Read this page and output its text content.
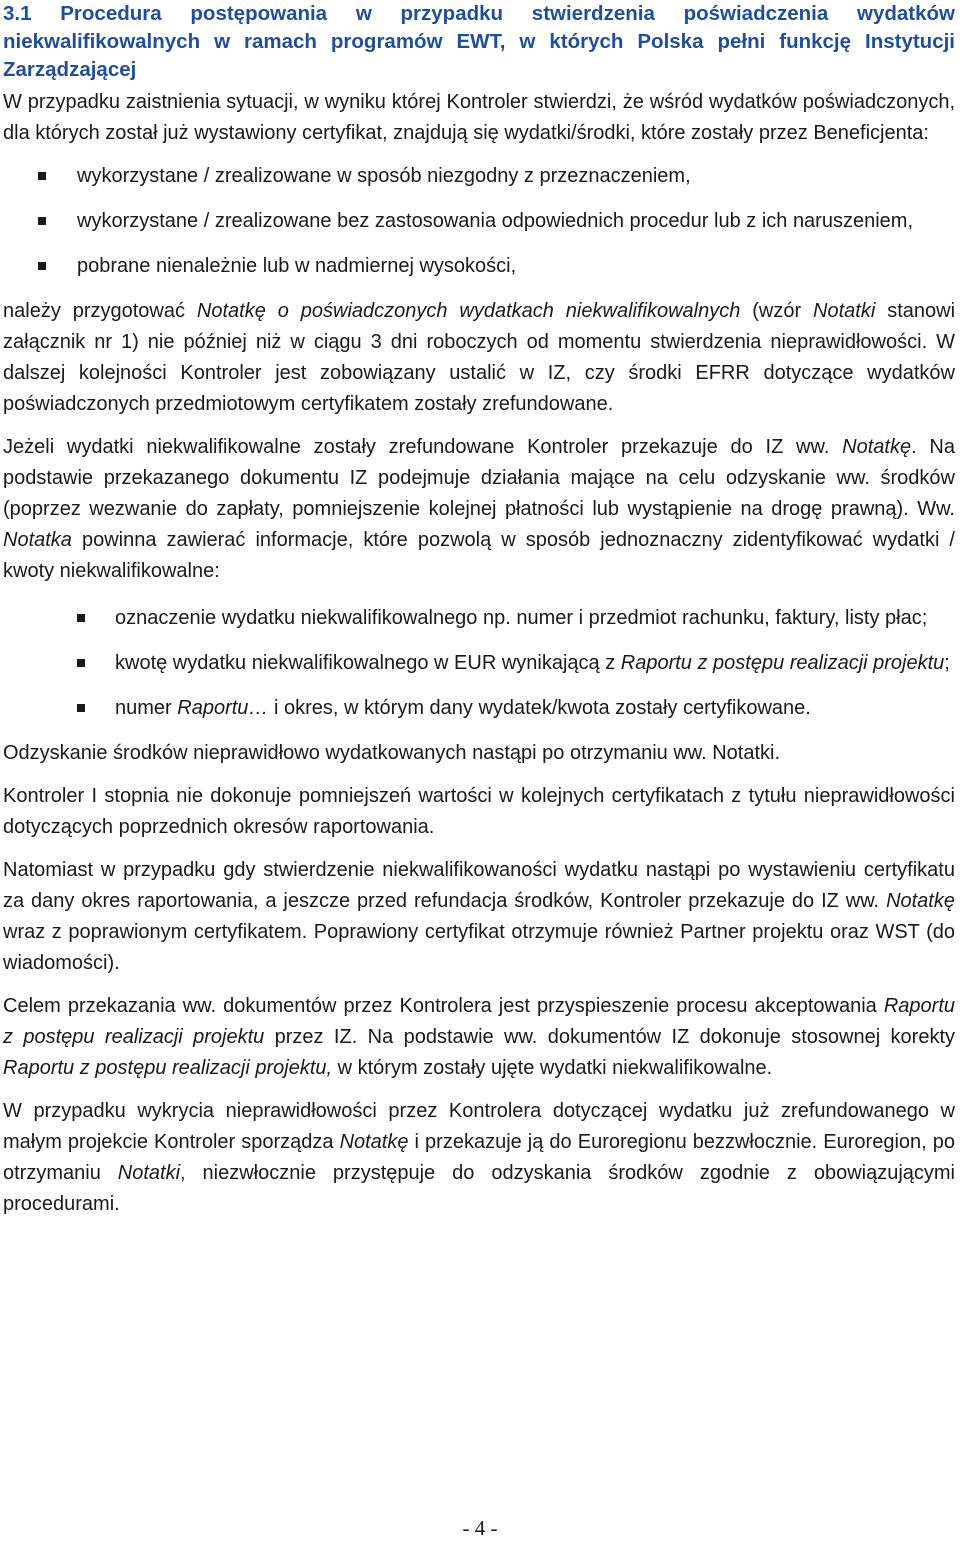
3.1 Procedura postępowania w przypadku stwierdzenia poświadczenia wydatków niekwalifikowalnych w ramach programów EWT, w których Polska pełni funkcję Instytucji Zarządzającej

W przypadku zaistnienia sytuacji, w wyniku której Kontroler stwierdzi, że wśród wydatków poświadczonych, dla których został już wystawiony certyfikat, znajdują się wydatki/środki, które zostały przez Beneficjenta:

wykorzystane / zrealizowane w sposób niezgodny z przeznaczeniem,
wykorzystane / zrealizowane bez zastosowania odpowiednich procedur lub z ich naruszeniem,
pobrane nienależnie lub w nadmiernej wysokości,

należy przygotować Notatkę o poświadczonych wydatkach niekwalifikowalnych (wzór Notatki stanowi załącznik nr 1) nie później niż w ciągu 3 dni roboczych od momentu stwierdzenia nieprawidłowości. W dalszej kolejności Kontroler jest zobowiązany ustalić w IZ, czy środki EFRR dotyczące wydatków poświadczonych przedmiotowym certyfikatem zostały zrefundowane.

Jeżeli wydatki niekwalifikowalne zostały zrefundowane Kontroler przekazuje do IZ ww. Notatkę. Na podstawie przekazanego dokumentu IZ podejmuje działania mające na celu odzyskanie ww. środków (poprzez wezwanie do zapłaty, pomniejszenie kolejnej płatności lub wystąpienie na drogę prawną). Ww. Notatka powinna zawierać informacje, które pozwolą w sposób jednoznaczny zidentyfikować wydatki / kwoty niekwalifikowalne:

oznaczenie wydatku niekwalifikowalnego np. numer i przedmiot rachunku, faktury, listy płac;
kwotę wydatku niekwalifikowalnego w EUR wynikającą z Raportu z postępu realizacji projektu;
numer Raportu… i okres, w którym dany wydatek/kwota zostały certyfikowane.

Odzyskanie środków nieprawidłowo wydatkowanych nastąpi po otrzymaniu ww. Notatki.

Kontroler I stopnia nie dokonuje pomniejszeń wartości w kolejnych certyfikatach z tytułu nieprawidłowości dotyczących poprzednich okresów raportowania.

Natomiast w przypadku gdy stwierdzenie niekwalifikowaności wydatku nastąpi po wystawieniu certyfikatu za dany okres raportowania, a jeszcze przed refundacja środków, Kontroler przekazuje do IZ ww. Notatkę wraz z poprawionym certyfikatem. Poprawiony certyfikat otrzymuje również Partner projektu oraz WST (do wiadomości).

Celem przekazania ww. dokumentów przez Kontrolera jest przyspieszenie procesu akceptowania Raportu z postępu realizacji projektu przez IZ. Na podstawie ww. dokumentów IZ dokonuje stosownej korekty Raportu z postępu realizacji projektu, w którym zostały ujęte wydatki niekwalifikowalne.

W przypadku wykrycia nieprawidłowości przez Kontrolera dotyczącej wydatku już zrefundowanego w małym projekcie Kontroler sporządza Notatkę i przekazuje ją do Euroregionu bezzwłocznie. Euroregion, po otrzymaniu Notatki, niezwłocznie przystępuje do odzyskania środków zgodnie z obowiązującymi procedurami.

- 4 -
